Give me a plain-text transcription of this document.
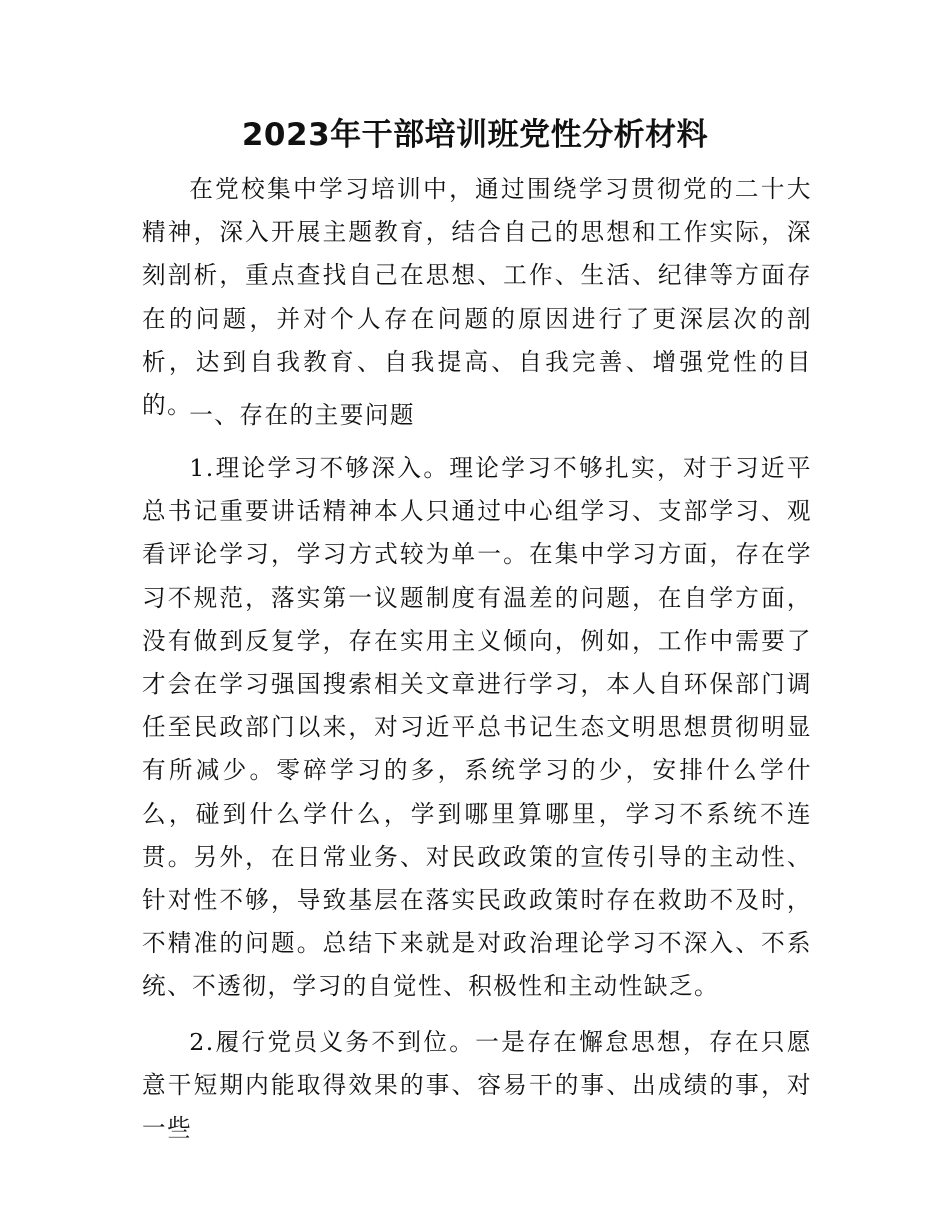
2023年干部培训班党性分析材料

在党校集中学习培训中，通过围绕学习贯彻党的二十大精神，深入开展主题教育，结合自己的思想和工作实际，深刻剖析，重点查找自己在思想、工作、生活、纪律等方面存在的问题，并对个人存在问题的原因进行了更深层次的剖析，达到自我教育、自我提高、自我完善、增强党性的目的。

一、存在的主要问题

1.理论学习不够深入。理论学习不够扎实，对于习近平总书记重要讲话精神本人只通过中心组学习、支部学习、观看评论学习，学习方式较为单一。在集中学习方面，存在学习不规范，落实第一议题制度有温差的问题，在自学方面，没有做到反复学，存在实用主义倾向，例如，工作中需要了才会在学习强国搜索相关文章进行学习，本人自环保部门调任至民政部门以来，对习近平总书记生态文明思想贯彻明显有所减少。零碎学习的多，系统学习的少，安排什么学什么，碰到什么学什么，学到哪里算哪里，学习不系统不连贯。另外，在日常业务、对民政政策的宣传引导的主动性、针对性不够，导致基层在落实民政政策时存在救助不及时，不精准的问题。总结下来就是对政治理论学习不深入、不系统、不透彻，学习的自觉性、积极性和主动性缺乏。

2.履行党员义务不到位。一是存在懈怠思想，存在只愿意干短期内能取得效果的事、容易干的事、出成绩的事，对一些
